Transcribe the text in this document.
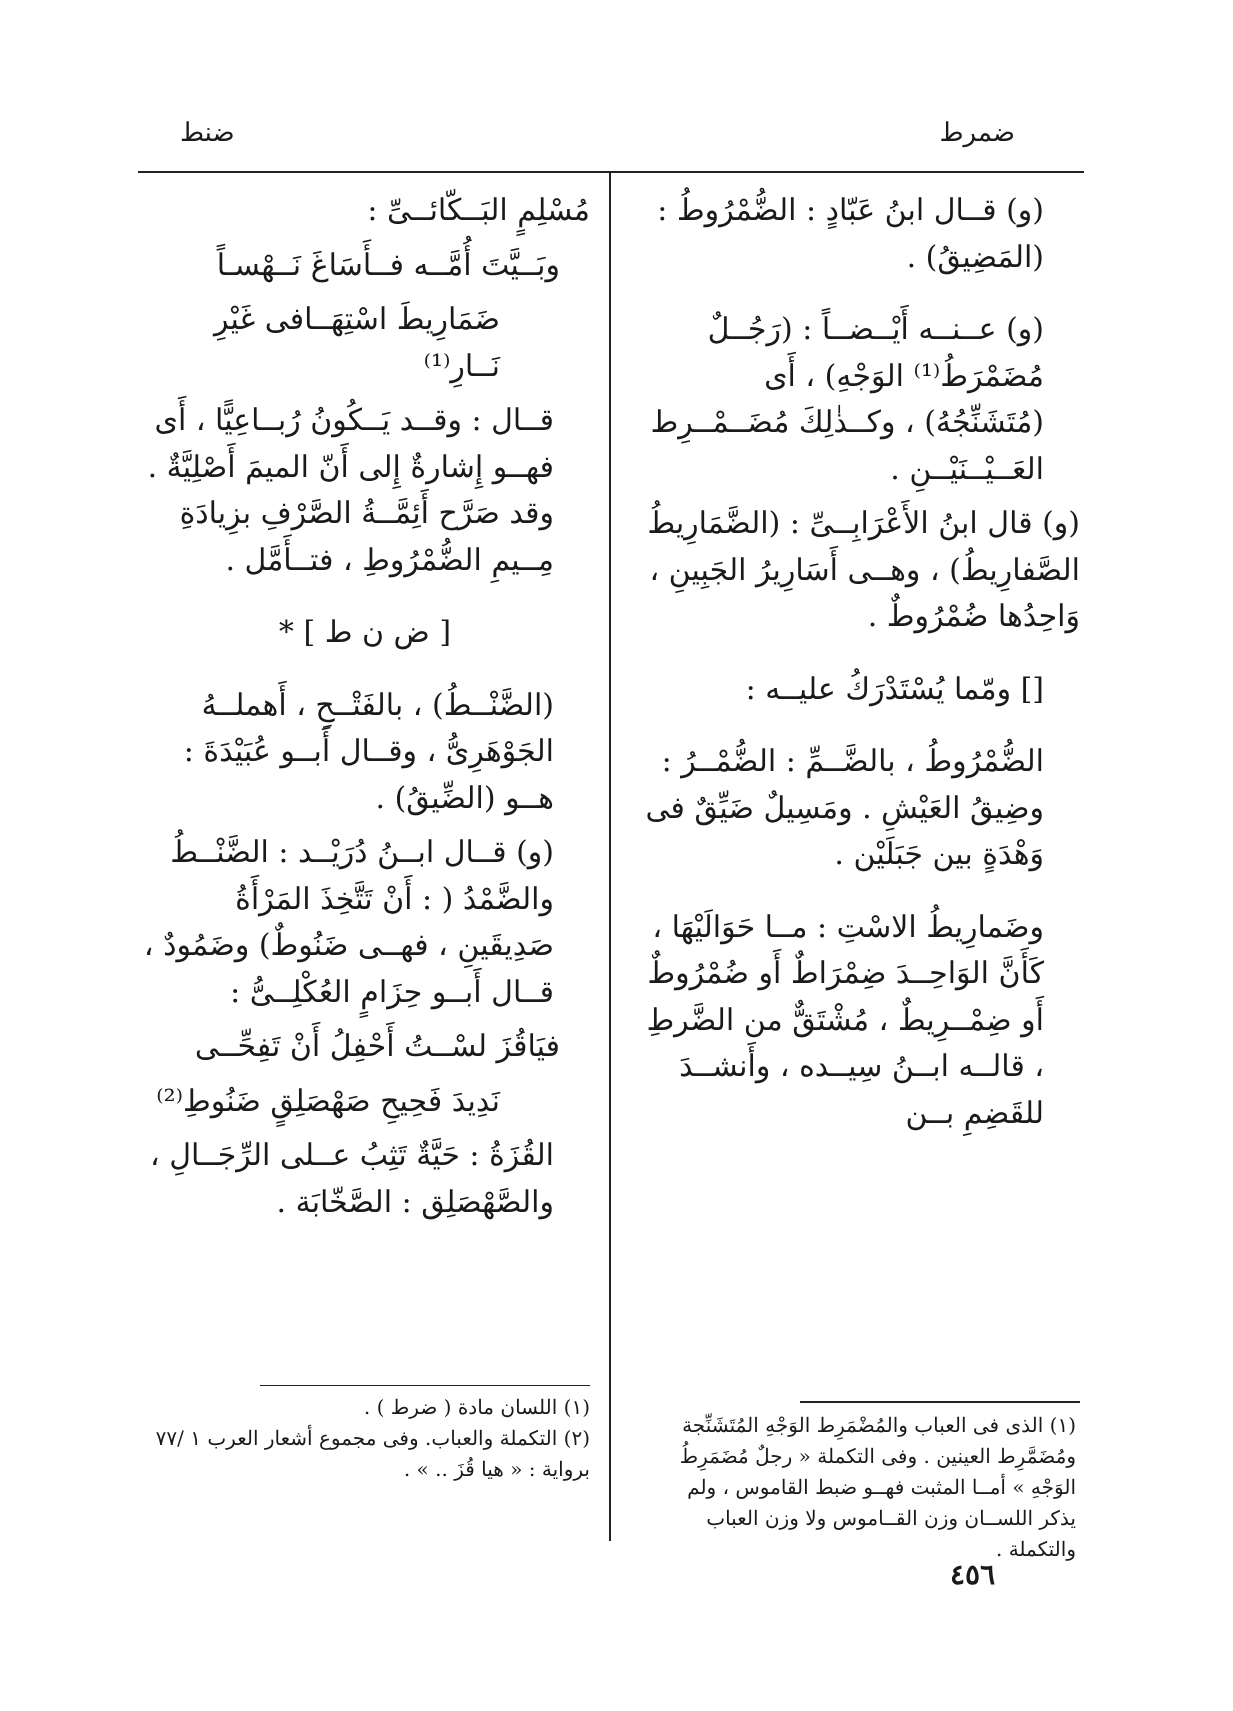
ضنط	ضمرط

(و) قــال ابنُ عَبّادٍ : الضُّمْرُوطُ : (المَضِيقُ) .

(و) عــنــه أَيْــضــاً : (رَجُــلٌ مُضَمْرَطُ⁽¹⁾ الوَجْهِ) ، أَى (مُتَشَنِّجُهُ) ، وكــذٰلِكَ مُضَــمْــرِط العَــيْــنَيْــنِ .

(و) قال ابنُ الأَعْرَابِــىِّ : (الضَّمَارِيطُ الصَّفارِيطُ) ، وهــى أَسَارِيرُ الجَبِينِ ، وَاحِدُها ضُمْرُوطٌ .

[] ومّما يُسْتَدْرَكُ عليــه :

الضُّمْرُوطُ ، بالضَّــمِّ : الضُّمْــرُ : وضِيقُ العَيْشِ . ومَسِيلٌ ضَيِّقٌ فى وَهْدَةٍ بين جَبَلَيْن .

وضَمارِيطُ الاسْتِ : مــا حَوَالَيْهَا ، كَأَنَّ الوَاحِــدَ ضِمْرَاطٌ أَو ضُمْرُوطٌ أَو ضِمْــرِيطٌ ، مُشْتَقٌّ من الضَّرطِ ، قالــه ابــنُ سِيــده ، وأَنشــدَ للقَضِمِ بــن

مُسْلِمٍ البَــكّائــىِّ :

وبَــيَّتَ أُمَّــه فــأَسَاغَ نَــهْسـاً

ضَمَارِيطَ اسْتِهَــافى غَيْرِ نَــارِ⁽¹⁾

قــال : وقــد يَــكُونُ رُبــاعِيًّا ، أَى فهــو إِشارةٌ إِلى أَنّ الميمَ أَصْلِيَّةٌ . وقد صَرَّح أَئِمَّــةُ الصَّرْفِ بزِيادَةِ مِــيمِ الضُّمْرُوطِ ، فتــأَمَّل .

[ ض ن ط ] *

(الضَّنْــطُ) ، بالفَتْــحِ ، أَهملــهُ الجَوْهَرِىُّ ، وقــال أَبــو عُبَيْدَةَ : هــو (الضِّيقُ) .

(و) قــال ابــنُ دُرَيْــد : الضَّنْــطُ والضَّمْدُ ( : أَنْ تَتَّخِذَ المَرْأَةُ صَدِيقَينِ ، فهــى ضَنُوطٌ) وضَمُودٌ ، قــال أَبــو حِزَامٍ العُكْلِــىُّ :

فيَاقُزَ لسْــتُ أَحْفِلُ أَنْ تَفِحِّــى

نَدِيدَ فَحِيحِ صَهْصَلِقٍ ضَنُوطِ⁽²⁾

القُزَةُ : حَيَّةٌ تَثِبُ عــلى الرِّجَــالِ ، والصَّهْصَلِق : الصَّخّابَة .

(١) الذى فى العباب والمُضْمَرِط الوَجْهِ المُتَشَنِّجة ومُضَمَّرِط العينين . وفى التكملة « رجلٌ مُضَمَرِطُ الوَجْهِ » أمــا المثبت فهــو ضبط القاموس ، ولم يذكر اللســان وزن القــاموس ولا وزن العباب والتكملة .

(١) اللسان مادة ( ضرط ) .

(٢) التكملة والعباب. وفى مجموع أشعار العرب ١ /٧٧ برواية : « هيا قُزَ .. » .

٤٥٦
